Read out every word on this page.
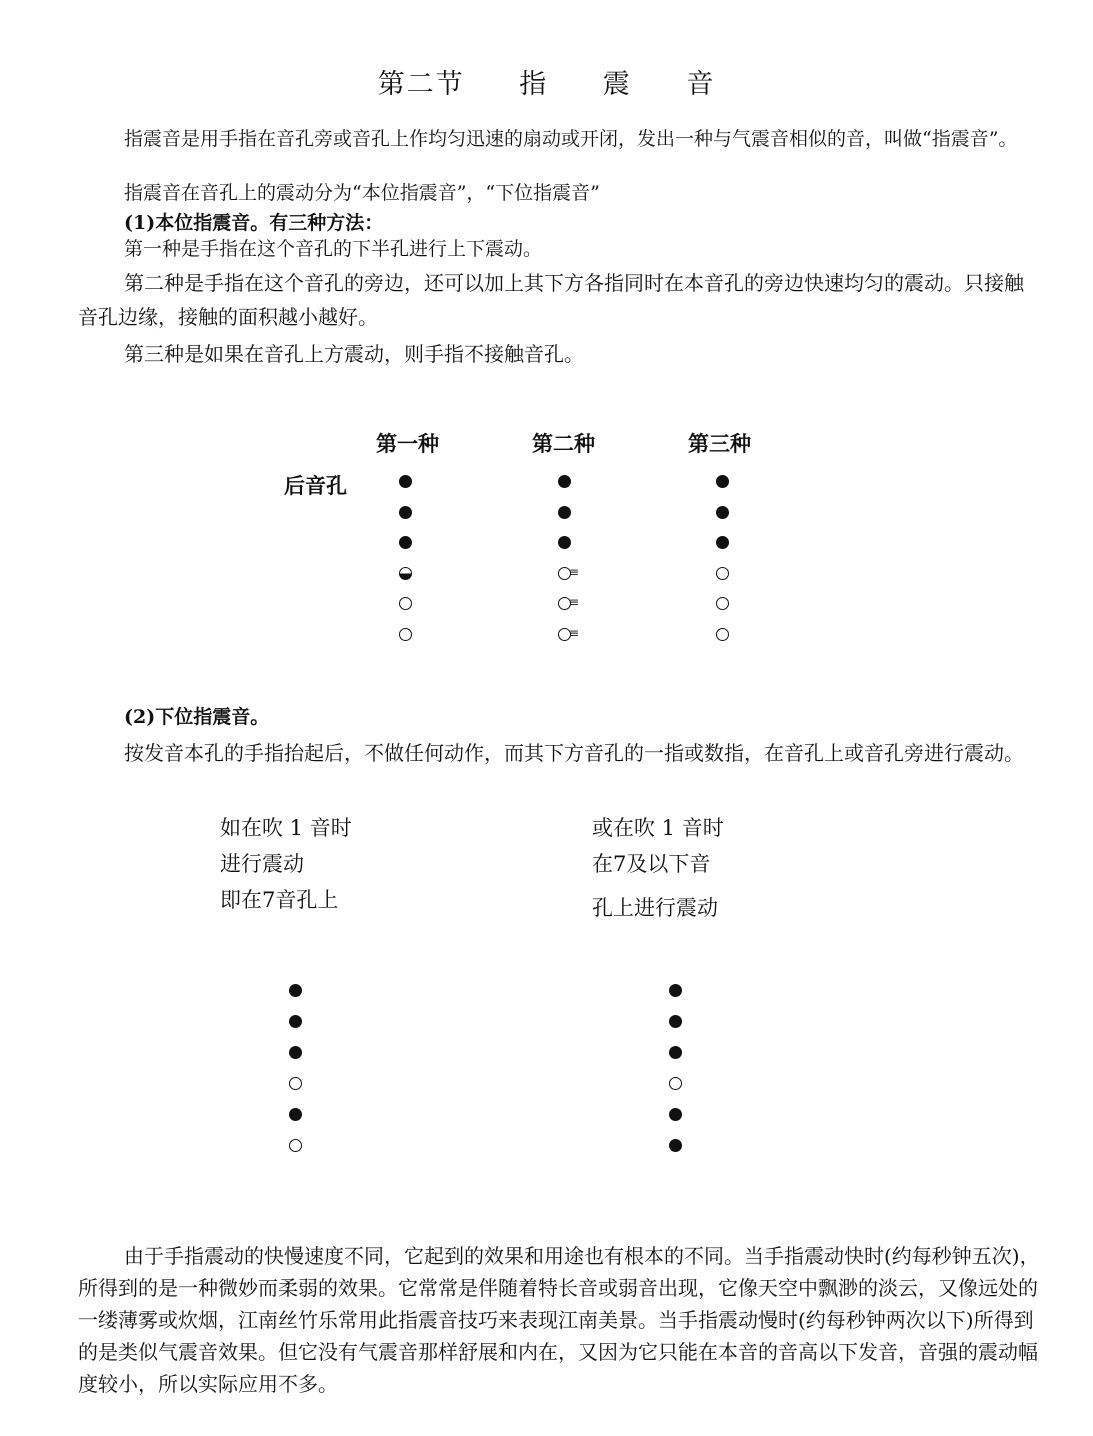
第二节 指 震 音
指震音是用手指在音孔旁或音孔上作均匀迅速的扇动或开闭，发出一种与气震音相似的音，叫做“指震音”。
指震音在音孔上的震动分为“本位指震音”，“下位指震音”
(1)本位指震音。有三种方法：
第一种是手指在这个音孔的下半孔进行上下震动。
第二种是手指在这个音孔的旁边，还可以加上其下方各指同时在本音孔的旁边快速均匀的震动。只接触音孔边缘，接触的面积越小越好。
第三种是如果在音孔上方震动，则手指不接触音孔。
第一种	第二种	第三种
后音孔
≡
≡
≡
(2)下位指震音。
按发音本孔的手指抬起后，不做任何动作，而其下方音孔的一指或数指，在音孔上或音孔旁进行震动。
如在吹 1 音时
进行震动
即在7音孔上
或在吹 1 音时
在7及以下音
孔上进行震动
由于手指震动的快慢速度不同，它起到的效果和用途也有根本的不同。当手指震动快时(约每秒钟五次)，所得到的是一种微妙而柔弱的效果。它常常是伴随着特长音或弱音出现，它像天空中飘渺的淡云，又像远处的一缕薄雾或炊烟，江南丝竹乐常用此指震音技巧来表现江南美景。当手指震动慢时(约每秒钟两次以下)所得到的是类似气震音效果。但它没有气震音那样舒展和内在，又因为它只能在本音的音高以下发音，音强的震动幅度较小，所以实际应用不多。
